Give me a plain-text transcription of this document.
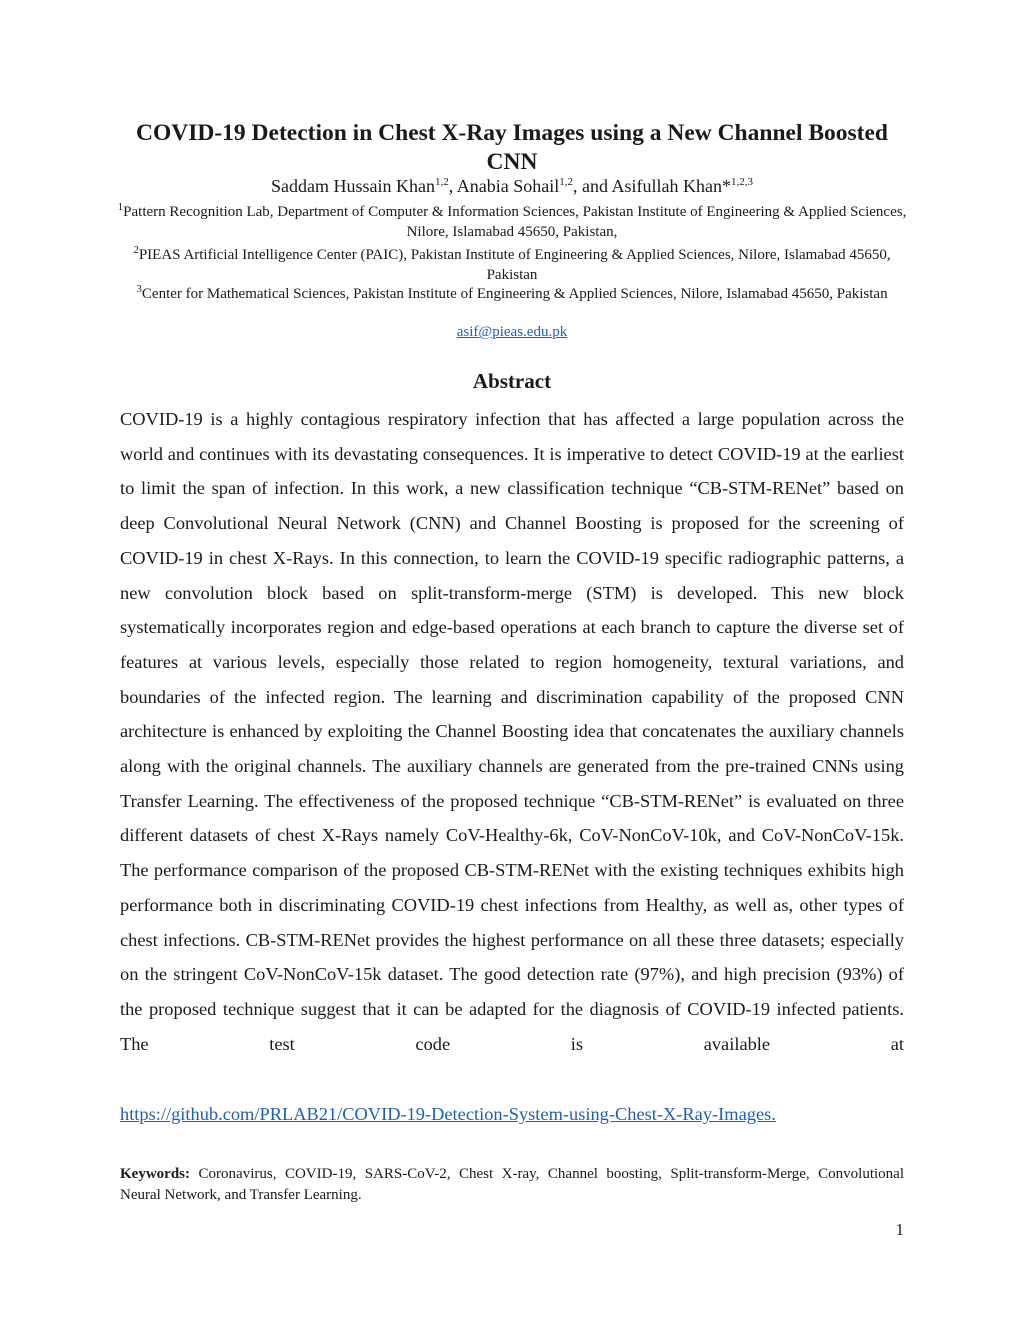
COVID-19 Detection in Chest X-Ray Images using a New Channel Boosted CNN
Saddam Hussain Khan$^{1,2}$, Anabia Sohail$^{1,2}$, and Asifullah Khan*$^{1,2,3}$
$^1$Pattern Recognition Lab, Department of Computer & Information Sciences, Pakistan Institute of Engineering & Applied Sciences, Nilore, Islamabad 45650, Pakistan,
$^2$PIEAS Artificial Intelligence Center (PAIC), Pakistan Institute of Engineering & Applied Sciences, Nilore, Islamabad 45650, Pakistan
$^3$Center for Mathematical Sciences, Pakistan Institute of Engineering & Applied Sciences, Nilore, Islamabad 45650, Pakistan
asif@pieas.edu.pk
Abstract

COVID-19 is a highly contagious respiratory infection that has affected a large population across the world and continues with its devastating consequences. It is imperative to detect COVID-19 at the earliest to limit the span of infection. In this work, a new classification technique “CB-STM-RENet” based on deep Convolutional Neural Network (CNN) and Channel Boosting is proposed for the screening of COVID-19 in chest X-Rays. In this connection, to learn the COVID-19 specific radiographic patterns, a new convolution block based on split-transform-merge (STM) is developed. This new block systematically incorporates region and edge-based operations at each branch to capture the diverse set of features at various levels, especially those related to region homogeneity, textural variations, and boundaries of the infected region. The learning and discrimination capability of the proposed CNN architecture is enhanced by exploiting the Channel Boosting idea that concatenates the auxiliary channels along with the original channels. The auxiliary channels are generated from the pre-trained CNNs using Transfer Learning. The effectiveness of the proposed technique “CB-STM-RENet” is evaluated on three different datasets of chest X-Rays namely CoV-Healthy-6k, CoV-NonCoV-10k, and CoV-NonCoV-15k. The performance comparison of the proposed CB-STM-RENet with the existing techniques exhibits high performance both in discriminating COVID-19 chest infections from Healthy, as well as, other types of chest infections. CB-STM-RENet provides the highest performance on all these three datasets; especially on the stringent CoV-NonCoV-15k dataset. The good detection rate (97%), and high precision (93%) of the proposed technique suggest that it can be adapted for the diagnosis of COVID-19 infected patients. The test code is available at

https://github.com/PRLAB21/COVID-19-Detection-System-using-Chest-X-Ray-Images.

Keywords: Coronavirus, COVID-19, SARS-CoV-2, Chest X-ray, Channel boosting, Split-transform-Merge, Convolutional Neural Network, and Transfer Learning.

1
